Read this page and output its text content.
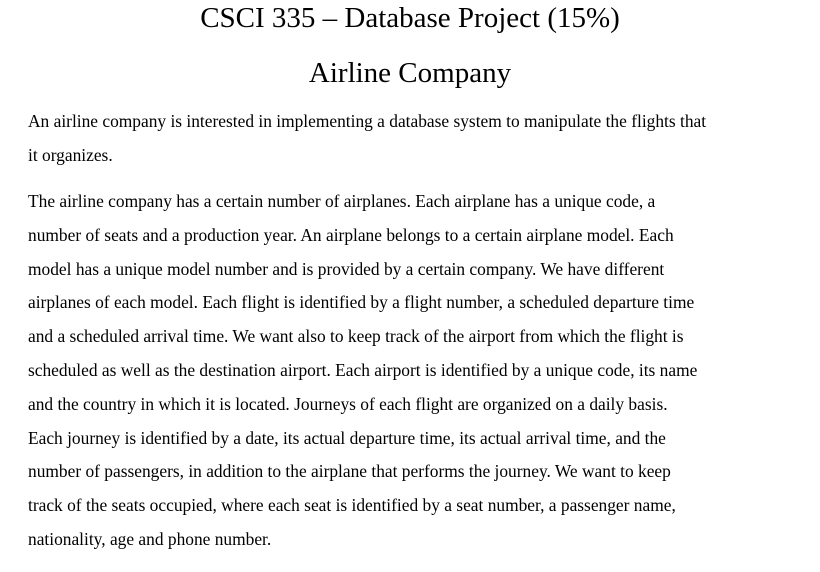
CSCI 335 – Database Project (15%)
Airline Company

An airline company is interested in implementing a database system to manipulate the flights that
it organizes.

The airline company has a certain number of airplanes. Each airplane has a unique code, a
number of seats and a production year. An airplane belongs to a certain airplane model. Each
model has a unique model number and is provided by a certain company. We have different
airplanes of each model. Each flight is identified by a flight number, a scheduled departure time
and a scheduled arrival time. We want also to keep track of the airport from which the flight is
scheduled as well as the destination airport. Each airport is identified by a unique code, its name
and the country in which it is located. Journeys of each flight are organized on a daily basis.
Each journey is identified by a date, its actual departure time, its actual arrival time, and the
number of passengers, in addition to the airplane that performs the journey. We want to keep
track of the seats occupied, where each seat is identified by a seat number, a passenger name,
nationality, age and phone number.
